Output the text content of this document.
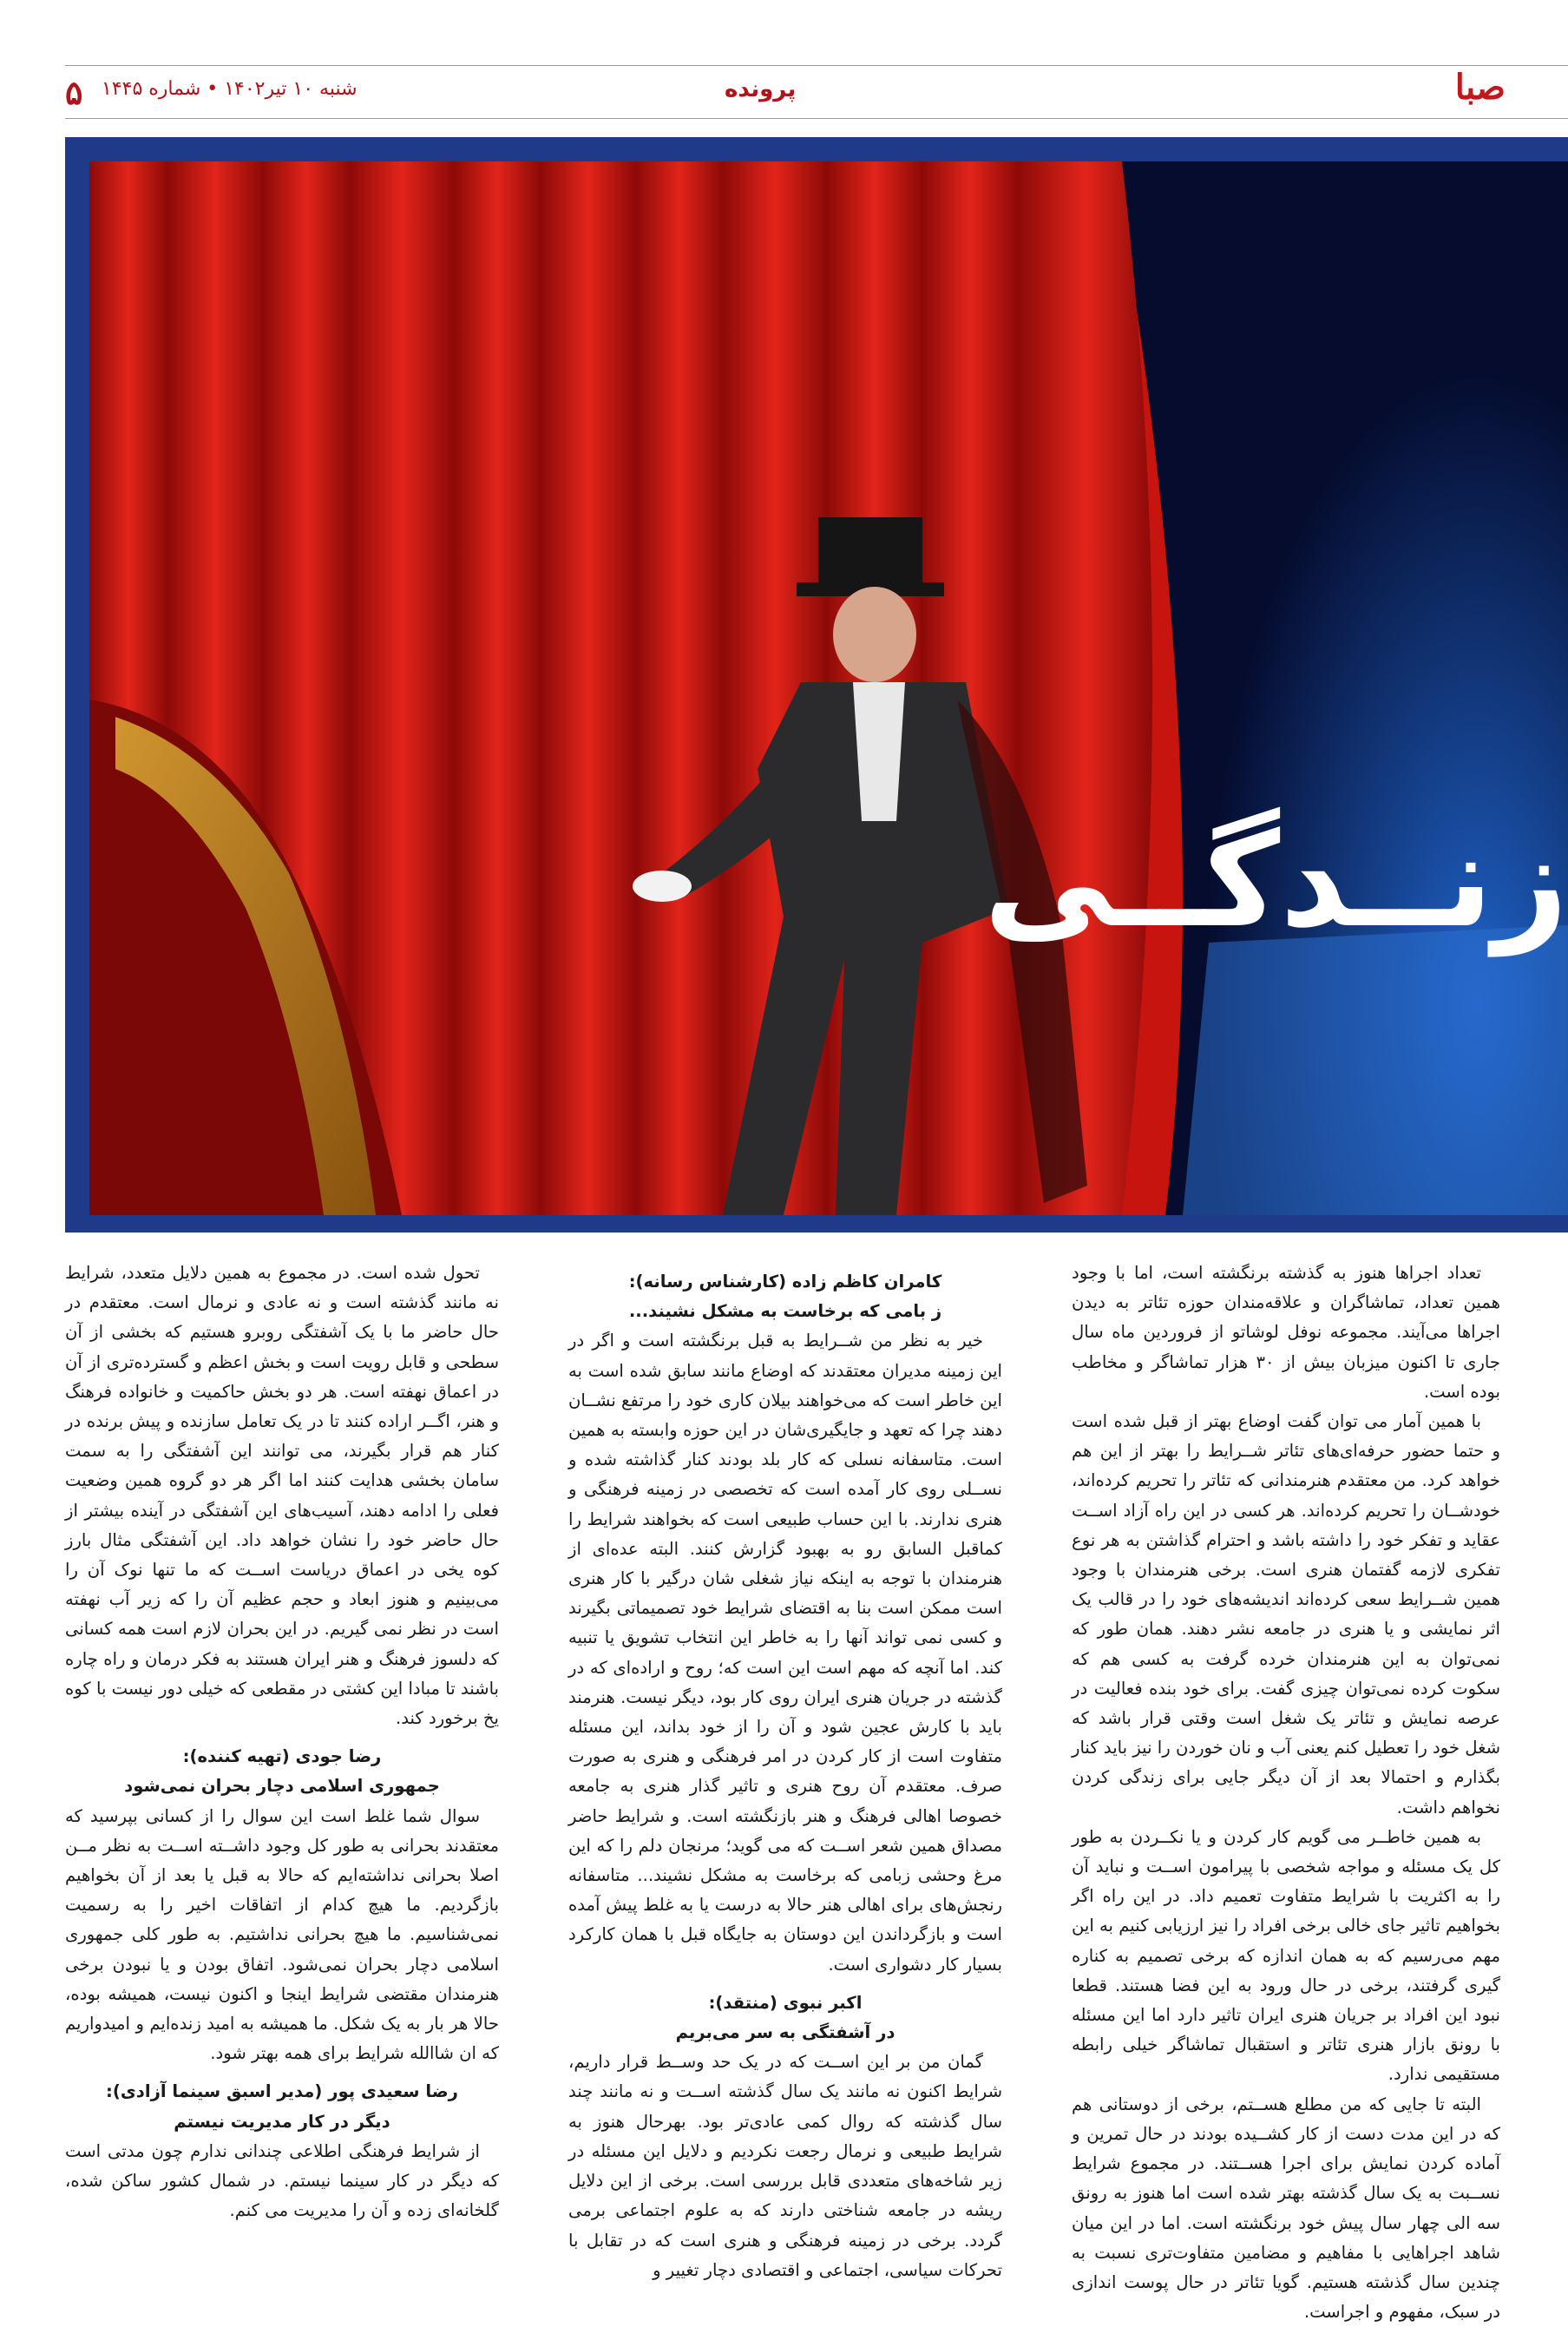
۵ شنبه ۱۰ تیر۱۴۰۲ • شماره ۱۴۴۵	پرونده	صبا
زنــدگــی

تعداد اجراها هنوز به گذشته برنگشته است، اما با وجود همین تعداد، تماشاگران و علاقه‌مندان حوزه تئاتر به دیدن اجراها می‌آیند. مجموعه نوفل لوشاتو از فروردین ماه سال جاری تا اکنون میزبان بیش از ۳۰ هزار تماشاگر و مخاطب بوده است.

با همین آمار می توان گفت اوضاع بهتر از قبل شده است و حتما حضور حرفه‌ای‌های تئاتر شــرایط را بهتر از این هم خواهد کرد. من معتقدم هنرمندانی که تئاتر را تحریم کرده‌اند، خودشــان را تحریم کرده‌اند. هر کسی در این راه آزاد اســت عقاید و تفکر خود را داشته باشد و احترام گذاشتن به هر نوع تفکری لازمه گفتمان هنری است. برخی هنرمندان با وجود همین شــرایط سعی کرده‌اند اندیشه‌های خود را در قالب یک اثر نمایشی و یا هنری در جامعه نشر دهند. همان طور که نمی‌توان به این هنرمندان خرده گرفت به کسی هم که سکوت کرده نمی‌توان چیزی گفت. برای خود بنده فعالیت در عرصه نمایش و تئاتر یک شغل است وقتی قرار باشد که شغل خود را تعطیل کنم یعنی آب و نان خوردن را نیز باید کنار بگذارم و احتمالا بعد از آن دیگر جایی برای زندگی کردن نخواهم داشت.

به همین خاطــر می‌ گویم کار کردن و یا نکــردن به طور کل یک مسئله و مواجه شخصی با پیرامون اســت و نباید آن را به اکثریت با شرایط متفاوت تعمیم داد. در این راه اگر بخواهیم تاثیر جای خالی برخی افراد را نیز ارزیابی کنیم به این مهم می‌رسیم که به همان اندازه که برخی تصمیم به کناره گیری گرفتند، برخی در حال ورود به این فضا هستند. قطعا نبود این افراد بر جریان هنری ایران تاثیر دارد اما این مسئله با رونق بازار هنری تئاتر و استقبال تماشاگر خیلی رابطه مستقیمی ندارد.

البته تا جایی که من مطلع هســتم، برخی از دوستانی هم که در این مدت دست از کار کشــیده بودند در حال تمرین و آماده کردن نمایش برای اجرا هســتند. در مجموع شرایط نســبت به یک سال گذشته بهتر شده است اما هنوز به رونق سه الی چهار سال پیش خود برنگشته است. اما در این میان شاهد اجراهایی با مفاهیم و مضامین متفاوت‌تری نسبت به چندین سال گذشته هستیم. گویا تئاتر در حال پوست اندازی در سبک، مفهوم و اجراست.

کامران کاظم زاده (کارشناس رسانه):

ز بامی که برخاست به مشکل نشیند...

خیر به نظر من شــرایط به قبل برنگشته است و اگر در این زمینه مدیران معتقدند که اوضاع مانند سابق شده است به این خاطر است که می‌خواهند بیلان کاری خود را مرتفع نشــان دهند چرا که تعهد و جایگیری‌شان در این حوزه وابسته به همین است. متاسفانه نسلی که کار بلد بودند کنار گذاشته شده و نســلی روی کار آمده است که تخصصی در زمینه فرهنگی و هنری ندارند. با این حساب طبیعی است که بخواهند شرایط را کماقبل السابق رو به بهبود گزارش کنند. البته عده‌ای از هنرمندان با توجه به اینکه نیاز شغلی شان درگیر با کار هنری است ممکن است بنا به اقتضای شرایط خود تصمیماتی بگیرند و کسی نمی تواند آنها را به خاطر این انتخاب تشویق یا تنبیه کند. اما آنچه که مهم است این است که؛ روح و اراده‌ای که در گذشته در جریان هنری ایران روی کار بود، دیگر نیست. هنرمند باید با کارش عجین شود و آن را از خود بداند، این مسئله متفاوت است از کار کردن در امر فرهنگی و هنری به صورت صرف. معتقدم آن روح هنری و تاثیر گذار هنری به جامعه خصوصا اهالی فرهنگ و هنر بازنگشته است. و شرایط حاضر مصداق همین شعر اســت که می گوید؛ مرنجان دلم را که این مرغ وحشی زبامی که برخاست به مشکل نشیند... متاسفانه رنجش‌های برای اهالی هنر حالا به درست یا به غلط پیش آمده است و بازگرداندن این دوستان به جایگاه قبل با همان کارکرد بسیار کار دشواری است.

اکبر نبوی (منتقد):

در آشفتگی به سر می‌بریم

گمان من بر این اســت که در یک حد وســط قرار داریم، شرایط اکنون نه مانند یک سال گذشته اســت و نه مانند چند سال گذشته که روال کمی عادی‌تر بود. بهرحال هنوز به شرایط طبیعی و نرمال رجعت نکردیم و دلایل این مسئله در زیر شاخه‌های متعددی قابل بررسی است. برخی از این دلایل ریشه در جامعه شناختی دارند که به علوم اجتماعی برمی گردد. برخی در زمینه فرهنگی و هنری است که در تقابل با تحرکات سیاسی، اجتماعی و اقتصادی دچار تغییر و

تحول شده است. در مجموع به همین دلایل متعدد، شرایط نه مانند گذشته است و نه عادی و نرمال است. معتقدم در حال حاضر ما با یک آشفتگی روبرو هستیم که بخشی از آن سطحی و قابل رویت است و بخش اعظم و گسترده‌تری از آن در اعماق نهفته است. هر دو بخش حاکمیت و خانواده فرهنگ و هنر، اگــر اراده کنند تا در یک تعامل سازنده و پیش برنده در کنار هم قرار بگیرند، می توانند این آشفتگی را به سمت سامان بخشی هدایت کنند اما اگر هر دو گروه همین وضعیت فعلی را ادامه دهند، آسیب‌های این آشفتگی در آینده بیشتر از حال حاضر خود را نشان خواهد داد. این آشفتگی مثال بارز کوه یخی در اعماق دریاست اســت که ما تنها نوک آن را می‌بینیم و هنوز ابعاد و حجم عظیم آن را که زیر آب نهفته است در نظر نمی گیریم. در این بحران لازم است همه کسانی که دلسوز فرهنگ و هنر ایران هستند به فکر درمان و راه چاره باشند تا مبادا این کشتی در مقطعی که خیلی دور نیست با کوه یخ برخورد کند.

رضا جودی (تهیه کننده):

جمهوری اسلامی دچار بحران نمی‌شود

سوال شما غلط است این سوال را از کسانی بپرسید که معتقدند بحرانی به طور کل وجود داشــته اســت به نظر مــن اصلا بحرانی نداشته‌ایم که حالا به قبل یا بعد از آن بخواهیم بازگردیم. ما هیچ کدام از اتفاقات اخیر را به رسمیت نمی‌شناسیم. ما هیچ بحرانی نداشتیم. به طور کلی جمهوری اسلامی دچار بحران نمی‌شود. اتفاق بودن و یا نبودن برخی هنرمندان مقتضی شرایط اینجا و اکنون نیست، همیشه بوده، حالا هر بار به یک شکل. ما همیشه به امید زنده‌ایم و امیدواریم که ان شاالله شرایط برای همه بهتر شود.

رضا سعیدی پور (مدیر اسبق سینما آزادی):

دیگر در کار مدیریت نیستم

از شرایط فرهنگی اطلاعی چندانی ندارم چون مدتی است که دیگر در کار سینما نیستم. در شمال کشور ساکن شده، گلخانه‌ای زده و آن را مدیریت می کنم.
